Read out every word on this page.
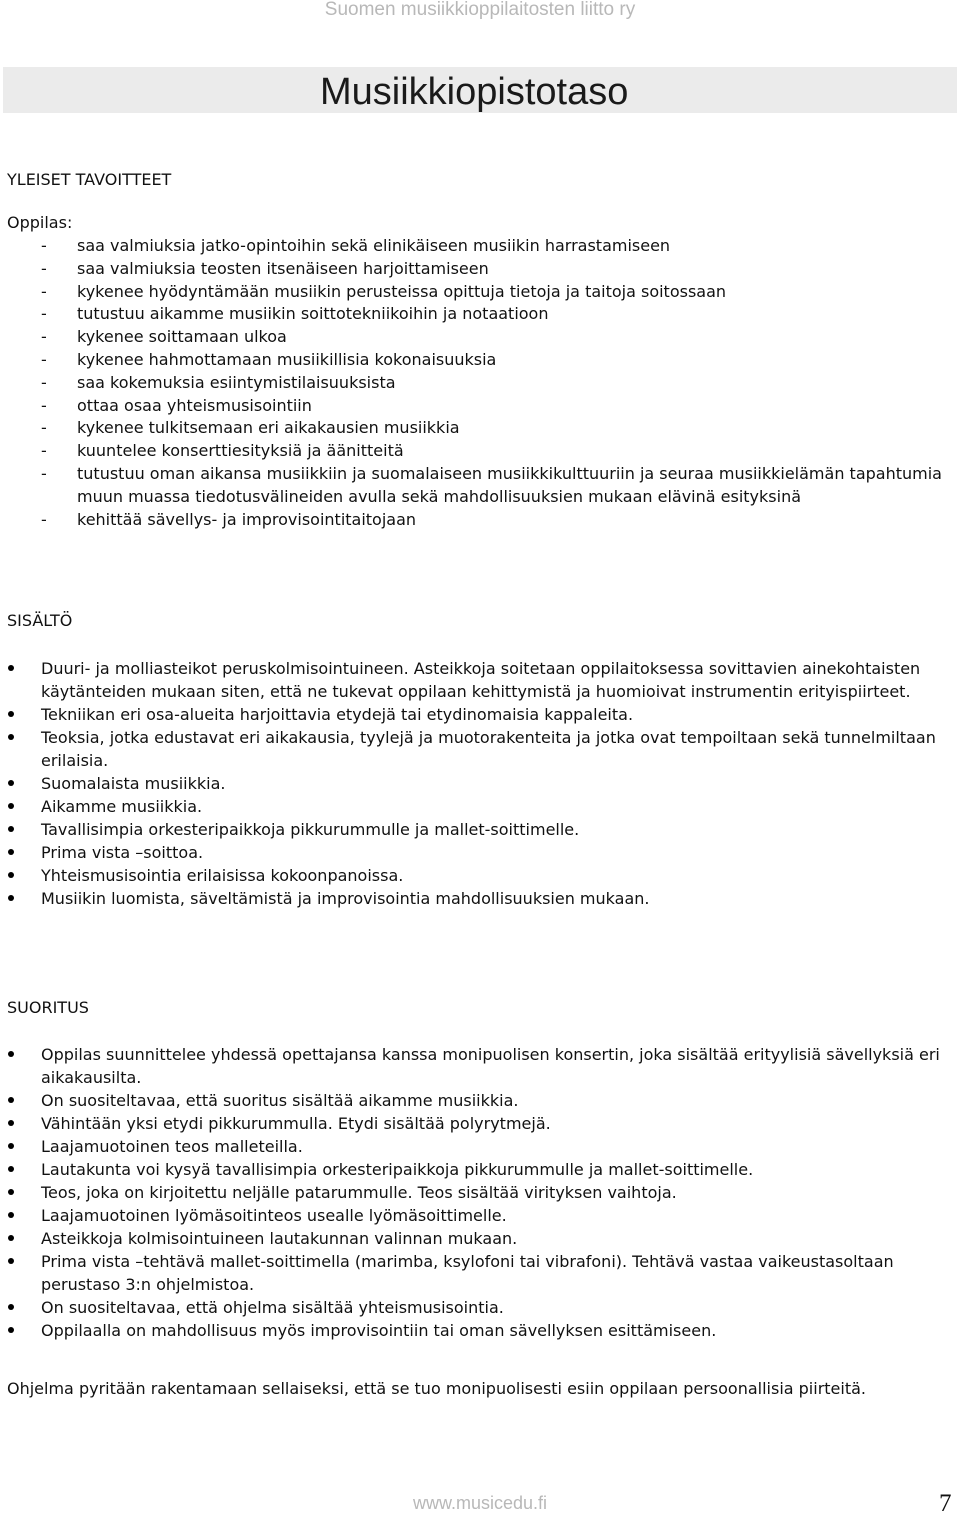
Suomen musiikkioppilaitosten liitto ry
Musiikkiopistotaso
YLEISET TAVOITTEET
Oppilas:
- saa valmiuksia jatko-opintoihin sekä elinikäiseen musiikin harrastamiseen
- saa valmiuksia teosten itsenäiseen harjoittamiseen
- kykenee hyödyntämään musiikin perusteissa opittuja tietoja ja taitoja soitossaan
- tutustuu aikamme musiikin soittotekniikoihin ja notaatioon
- kykenee soittamaan ulkoa
- kykenee hahmottamaan musiikillisia kokonaisuuksia
- saa kokemuksia esiintymistilaisuuksista
- ottaa osaa yhteismusisointiin
- kykenee tulkitsemaan eri aikakausien musiikkia
- kuuntelee konserttiesityksiä ja äänitteitä
- tutustuu oman aikansa musiikkiin ja suomalaiseen musiikkikulttuuriin ja seuraa musiikkielämän tapahtumia muun muassa tiedotusvälineiden avulla sekä mahdollisuuksien mukaan elävinä esityksinä
- kehittää sävellys- ja improvisointitaitojaan
SISÄLTÖ
Duuri- ja molliasteikot peruskolmisointuineen. Asteikkoja soitetaan oppilaitoksessa sovittavien ainekohtaisten käytänteiden mukaan siten, että ne tukevat oppilaan kehittymistä ja huomioivat instrumentin erityispiirteet.
Tekniikan eri osa-alueita harjoittavia etydejä tai etydinomaisia kappaleita.
Teoksia, jotka edustavat eri aikakausia, tyylejä ja muotorakenteita ja jotka ovat tempoiltaan sekä tunnelmiltaan erilaisia.
Suomalaista musiikkia.
Aikamme musiikkia.
Tavallisimpia orkesteripaikkoja pikkurummulle ja mallet-soittimelle.
Prima vista –soittoa.
Yhteismusisointia erilaisissa kokoonpanoissa.
Musiikin luomista, säveltämistä ja improvisointia mahdollisuuksien mukaan.
SUORITUS
Oppilas suunnittelee yhdessä opettajansa kanssa monipuolisen konsertin, joka sisältää erityylisiä sävellyksiä eri aikakausilta.
On suositeltavaa, että suoritus sisältää aikamme musiikkia.
Vähintään yksi etydi pikkurummulla. Etydi sisältää polyrytmejä.
Laajamuotoinen teos malleteilla.
Lautakunta voi kysyä tavallisimpia orkesteripaikkoja pikkurummulle ja mallet-soittimelle.
Teos, joka on kirjoitettu neljälle patarummulle. Teos sisältää virityksen vaihtoja.
Laajamuotoinen lyömäsoitinteos usealle lyömäsoittimelle.
Asteikkoja kolmisointuineen lautakunnan valinnan mukaan.
Prima vista –tehtävä mallet-soittimella (marimba, ksylofoni tai vibrafoni). Tehtävä vastaa vaikeustasoltaan perustaso 3:n ohjelmistoa.
On suositeltavaa, että ohjelma sisältää yhteismusisointia.
Oppilaalla on mahdollisuus myös improvisointiin tai oman sävellyksen esittämiseen.
Ohjelma pyritään rakentamaan sellaiseksi, että se tuo monipuolisesti esiin oppilaan persoonallisia piirteitä.
www.musicedu.fi	7
